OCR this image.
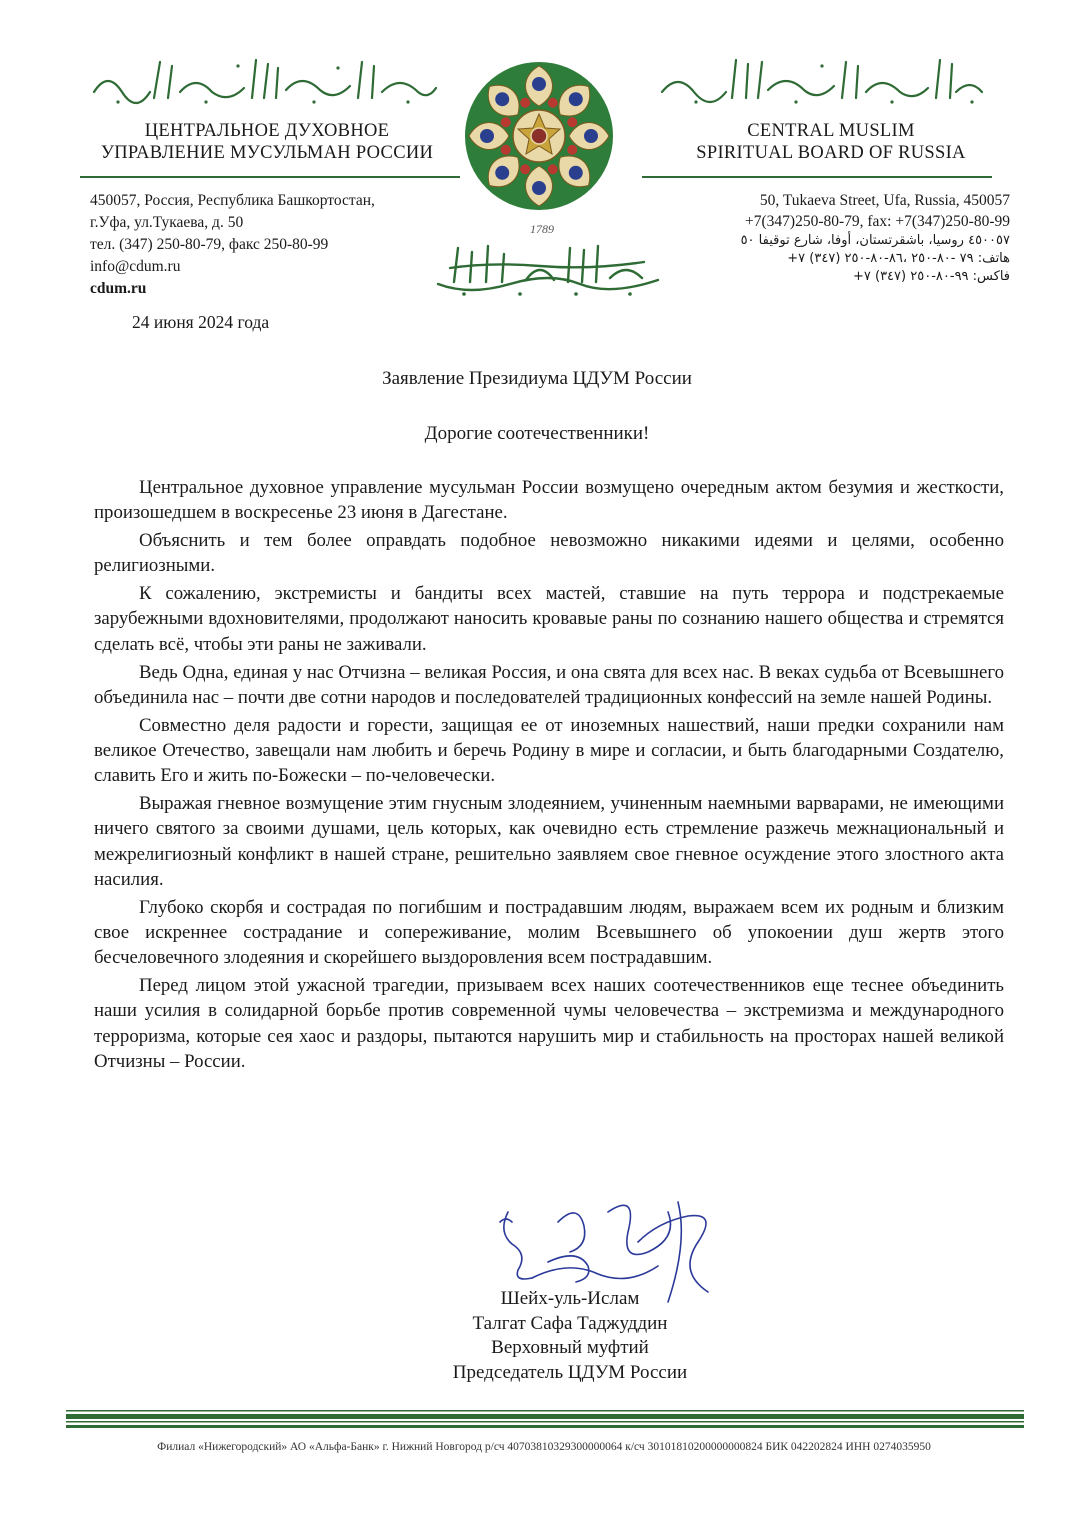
روسیا مسلمانلرینك اوزه‌ك دینیه نظارتی
ЦЕНТРАЛЬНОЕ ДУХОВНОЕ
УПРАВЛЕНИЕ МУСУЛЬМАН РОССИИ
CENTRAL MUSLIM
SPIRITUAL BOARD OF RUSSIA
1789
450057, Россия, Республика Башкортостан,
г.Уфа, ул.Тукаева, д. 50
тел. (347) 250-80-79, факс 250-80-99
info@cdum.ru
cdum.ru
50, Tukaeva Street, Ufa, Russia, 450057
+7(347)250-80-79, fax: +7(347)250-80-99
٤٥٠٠٥٧ روسيا، باشقرتستان، أوفا، شارع توقيفا ٥٠
هاتف: ٧٩ -٨٠-٢٥٠ ،٨٦-٨٠-٢٥٠ (٣٤٧) ٧+
فاكس: ٩٩-٨٠-٢٥٠ (٣٤٧) ٧+
24 июня 2024 года
Заявление Президиума ЦДУМ России
Дорогие соотечественники!

Центральное духовное управление мусульман России возмущено очередным актом безумия и жесткости, произошедшем в воскресенье 23 июня в Дагестане.

Объяснить и тем более оправдать подобное невозможно никакими идеями и целями, особенно религиозными.

К сожалению, экстремисты и бандиты всех мастей, ставшие на путь террора и подстрекаемые зарубежными вдохновителями, продолжают наносить кровавые раны по сознанию нашего общества и стремятся сделать всё, чтобы эти раны не заживали.

Ведь Одна, единая у нас Отчизна – великая Россия, и она свята для всех нас. В веках судьба от Всевышнего объединила нас – почти две сотни народов и последователей традиционных конфессий на земле нашей Родины.

Совместно деля радости и горести, защищая ее от иноземных нашествий, наши предки сохранили нам великое Отечество, завещали нам любить и беречь Родину в мире и согласии, и быть благодарными Создателю, славить Его и жить по-Божески – по-человечески.

Выражая гневное возмущение этим гнусным злодеянием, учиненным наемными варварами, не имеющими ничего святого за своими душами, цель которых, как очевидно есть стремление разжечь межнациональный и межрелигиозный конфликт в нашей стране, решительно заявляем свое гневное осуждение этого злостного акта насилия.

Глубоко скорбя и сострадая по погибшим и пострадавшим людям, выражаем всем их родным и близким свое искреннее сострадание и сопереживание, молим Всевышнего об упокоении душ жертв этого бесчеловечного злодеяния и скорейшего выздоровления всем пострадавшим.

Перед лицом этой ужасной трагедии, призываем всех наших соотечественников еще теснее объединить наши усилия в солидарной борьбе против современной чумы человечества – экстремизма и международного терроризма, которые сея хаос и раздоры, пытаются нарушить мир и стабильность на просторах нашей великой Отчизны – России.

Шейх-уль-Ислам
Талгат Сафа Таджуддин
Верховный муфтий
Председатель ЦДУМ России
Филиал «Нижегородский» АО «Альфа-Банк» г. Нижний Новгород р/сч 40703810329300000064 к/сч 30101810200000000824 БИК 042202824 ИНН 0274035950
